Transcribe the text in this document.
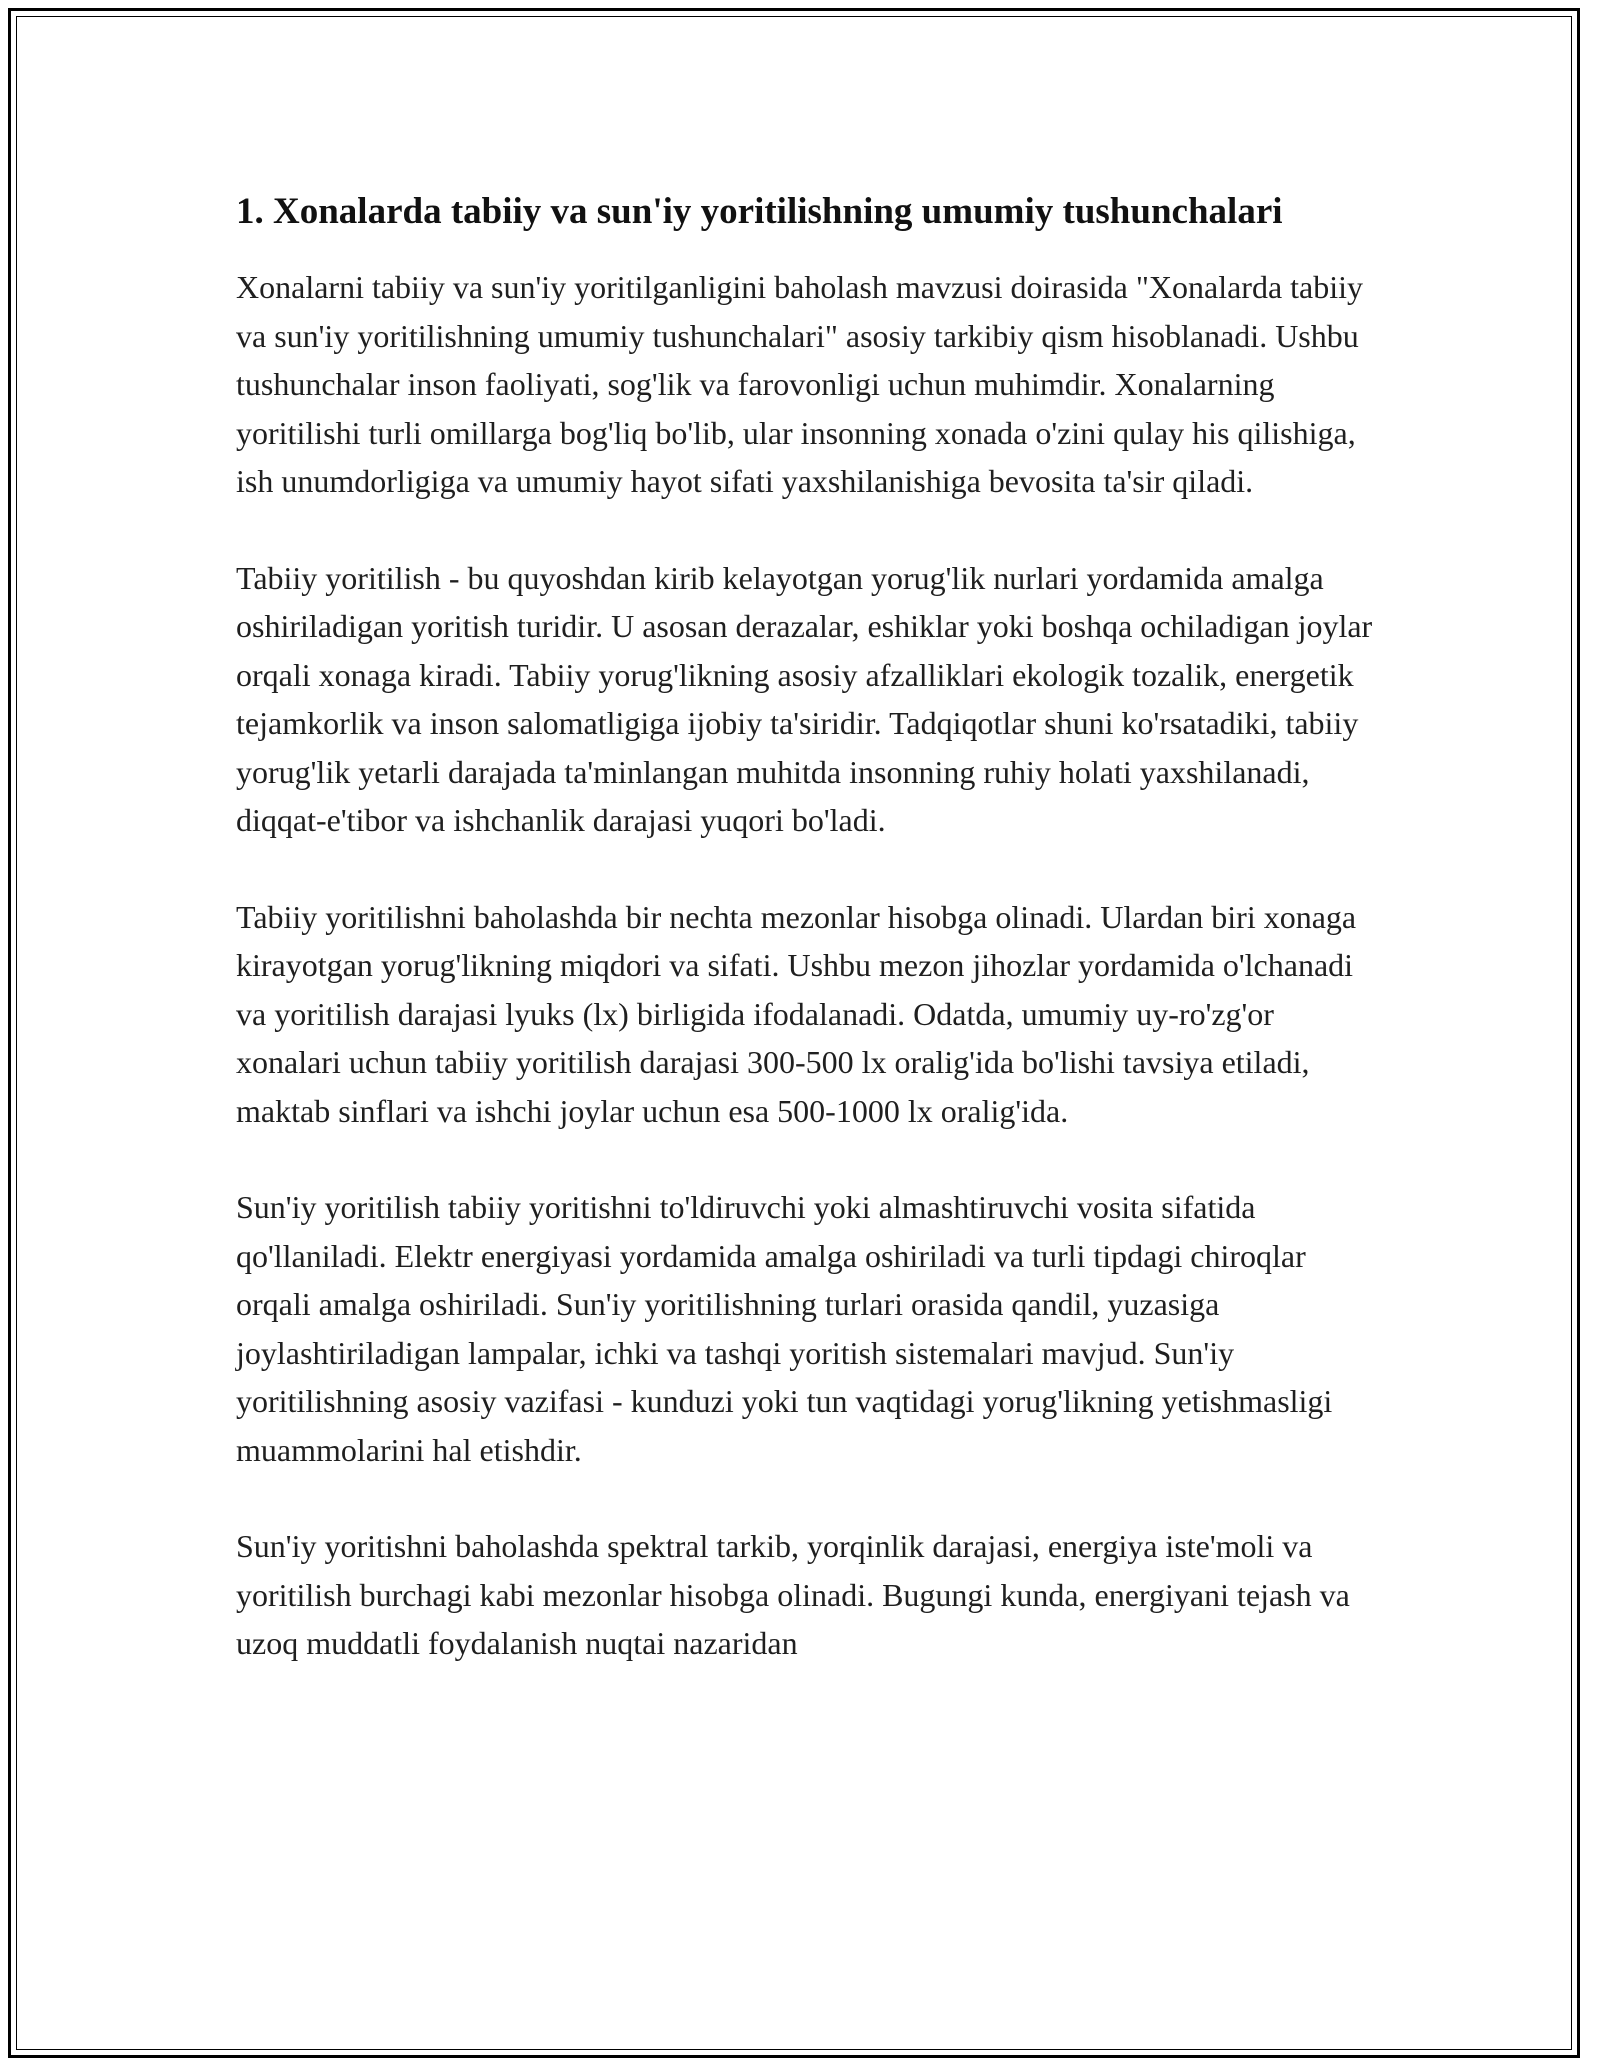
1. Xonalarda tabiiy va sun'iy yoritilishning umumiy tushunchalari

Xonalarni tabiiy va sun'iy yoritilganligini baholash mavzusi doirasida "Xonalarda tabiiy va sun'iy yoritilishning umumiy tushunchalari" asosiy tarkibiy qism hisoblanadi. Ushbu tushunchalar inson faoliyati, sog'lik va farovonligi uchun muhimdir. Xonalarning yoritilishi turli omillarga bog'liq bo'lib, ular insonning xonada o'zini qulay his qilishiga, ish unumdorligiga va umumiy hayot sifati yaxshilanishiga bevosita ta'sir qiladi.

Tabiiy yoritilish - bu quyoshdan kirib kelayotgan yorug'lik nurlari yordamida amalga oshiriladigan yoritish turidir. U asosan derazalar, eshiklar yoki boshqa ochiladigan joylar orqali xonaga kiradi. Tabiiy yorug'likning asosiy afzalliklari ekologik tozalik, energetik tejamkorlik va inson salomatligiga ijobiy ta'siridir. Tadqiqotlar shuni ko'rsatadiki, tabiiy yorug'lik yetarli darajada ta'minlangan muhitda insonning ruhiy holati yaxshilanadi, diqqat-e'tibor va ishchanlik darajasi yuqori bo'ladi.

Tabiiy yoritilishni baholashda bir nechta mezonlar hisobga olinadi. Ulardan biri xonaga kirayotgan yorug'likning miqdori va sifati. Ushbu mezon jihozlar yordamida o'lchanadi va yoritilish darajasi lyuks (lx) birligida ifodalanadi. Odatda, umumiy uy-ro'zg'or xonalari uchun tabiiy yoritilish darajasi 300-500 lx oralig'ida bo'lishi tavsiya etiladi, maktab sinflari va ishchi joylar uchun esa 500-1000 lx oralig'ida.

Sun'iy yoritilish tabiiy yoritishni to'ldiruvchi yoki almashtiruvchi vosita sifatida qo'llaniladi. Elektr energiyasi yordamida amalga oshiriladi va turli tipdagi chiroqlar orqali amalga oshiriladi. Sun'iy yoritilishning turlari orasida qandil, yuzasiga joylashtiriladigan lampalar, ichki va tashqi yoritish sistemalari mavjud. Sun'iy yoritilishning asosiy vazifasi - kunduzi yoki tun vaqtidagi yorug'likning yetishmasligi muammolarini hal etishdir.

Sun'iy yoritishni baholashda spektral tarkib, yorqinlik darajasi, energiya iste'moli va yoritilish burchagi kabi mezonlar hisobga olinadi. Bugungi kunda, energiyani tejash va uzoq muddatli foydalanish nuqtai nazaridan
